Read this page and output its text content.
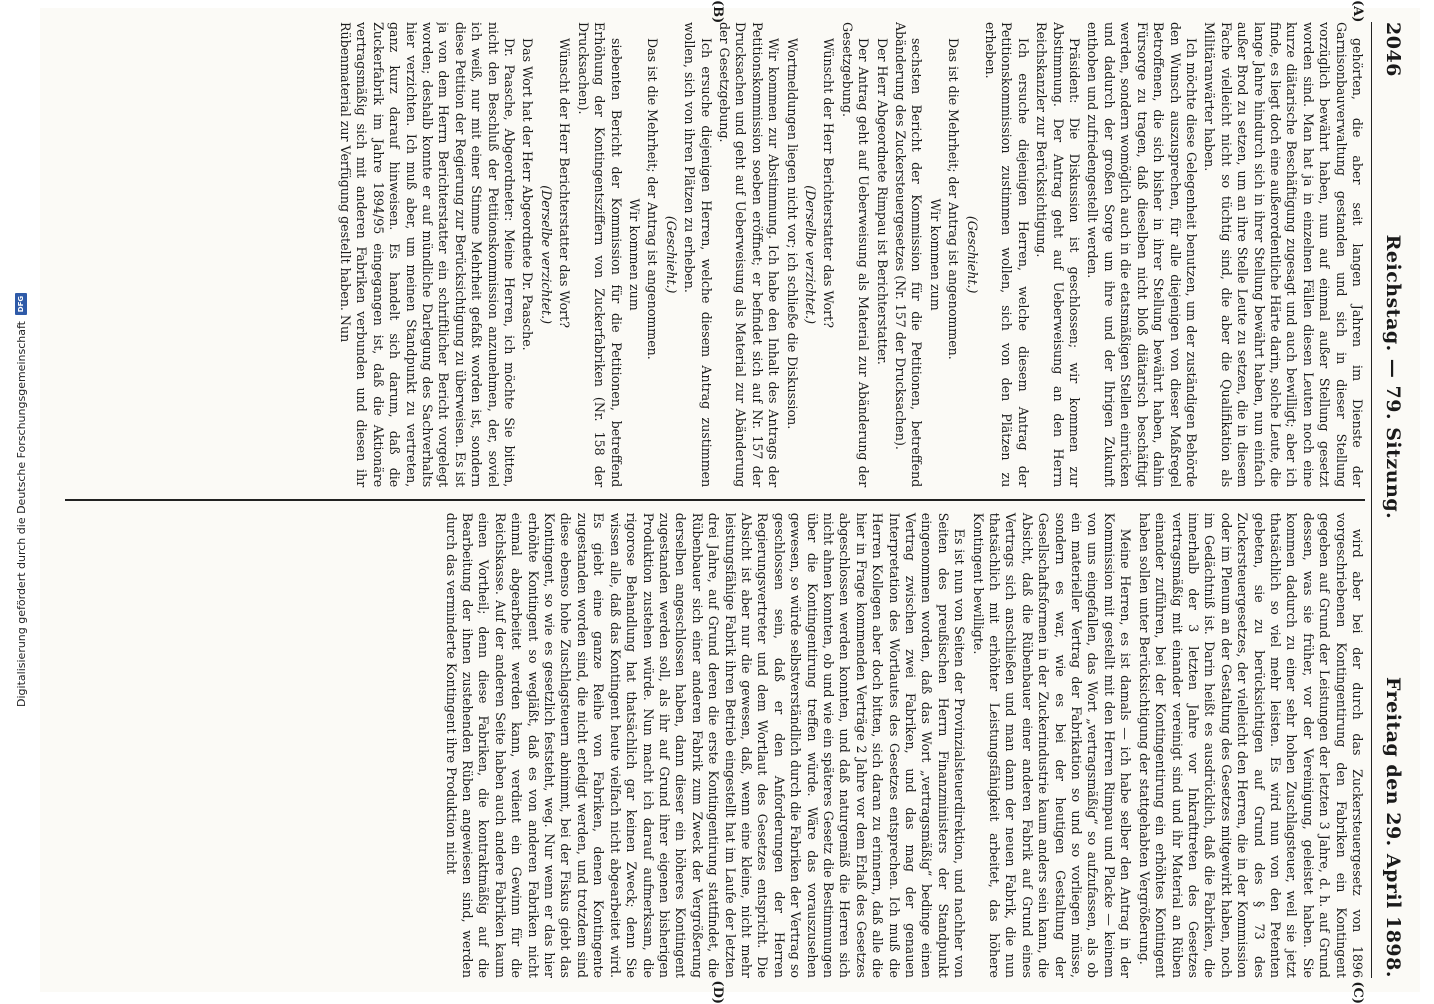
2046
Reichstag. — 79. Sitzung.
Freitag den 29. April 1898.

gehörten, die aber seit langen Jahren im Dienste der Garnisonbauverwaltung gestanden und sich in dieser Stellung vorzüglich bewährt haben, nun auf einmal außer Stellung gesetzt worden sind. Man hat ja in einzelnen Fällen diesen Leuten noch eine kurze diätarische Beschäftigung zugesagt und auch bewilligt; aber ich finde, es liegt doch eine außerordentliche Härte darin, solche Leute, die lange Jahre hindurch sich in ihrer Stellung bewährt haben, nun einfach außer Brod zu setzen, um an ihre Stelle Leute zu setzen, die in diesem Fache vielleicht nicht so tüchtig sind, die aber die Qualifikation als Militäranwärter haben.

Ich möchte diese Gelegenheit benutzen, um der zuständigen Behörde den Wunsch auszusprechen, für alle diejenigen von dieser Maßregel Betroffenen, die sich bisher in ihrer Stellung bewährt haben, dahin Fürsorge zu tragen, daß dieselben nicht bloß diätarisch beschäftigt werden, sondern womöglich auch in die etatsmäßigen Stellen einrücken und dadurch der großen Sorge um ihre und der Ihrigen Zukunft enthoben und zufriedengestellt werden.

Präsident: Die Diskussion ist geschlossen; wir kommen zur Abstimmung. Der Antrag geht auf Ueberweisung an den Herrn Reichskanzler zur Berücksichtigung.

Ich ersuche diejenigen Herren, welche diesem Antrag der Petitionskommission zustimmen wollen, sich von den Plätzen zu erheben.

(Geschieht.)

Das ist die Mehrheit; der Antrag ist angenommen.

Wir kommen zum

sechsten Bericht der Kommission für die Petitionen, betreffend Abänderung des Zuckersteuergesetzes (Nr. 157 der Drucksachen).

Der Herr Abgeordnete Rimpau ist Berichterstatter.

Der Antrag geht auf Ueberweisung als Material zur Abänderung der Gesetzgebung.

Wünscht der Herr Berichterstatter das Wort?

(Derselbe verzichtet.)

Wortmeldungen liegen nicht vor; ich schließe die Diskussion.

Wir kommen zur Abstimmung. Ich habe den Inhalt des Antrags der Petitionskommission soeben eröffnet; er befindet sich auf Nr. 157 der Drucksachen und geht auf Ueberweisung als Material zur Abänderung der Gesetzgebung.

Ich ersuche diejenigen Herren, welche diesem Antrag zustimmen wollen, sich von ihren Plätzen zu erheben.

(Geschieht.)

Das ist die Mehrheit; der Antrag ist angenommen.

Wir kommen zum

siebenten Bericht der Kommission für die Petitionen, betreffend Erhöhung der Kontingentsziffern von Zuckerfabriken (Nr. 158 der Drucksachen).

Wünscht der Herr Berichterstatter das Wort?

(Derselbe verzichtet.)

Das Wort hat der Herr Abgeordnete Dr. Paasche.

Dr. Paasche, Abgeordneter: Meine Herren, ich möchte Sie bitten, nicht den Beschluß der Petitionskommission anzunehmen, der, soviel ich weiß, nur mit einer Stimme Mehrheit gefaßt worden ist, sondern diese Petition der Regierung zur Berücksichtigung zu überweisen. Es ist ja von dem Herrn Berichterstatter ein schriftlicher Bericht vorgelegt worden; deshalb konnte er auf mündliche Darlegung des Sachverhalts hier verzichten. Ich muß aber, um meinen Standpunkt zu vertreten, ganz kurz darauf hinweisen. Es handelt sich darum, daß die Zuckerfabrik im Jahre 1894/95 eingegangen ist, daß die Aktionäre vertragsmäßig sich mit anderen Fabriken verbunden und diesen ihr Rübenmaterial zur Verfügung gestellt haben. Nun

wird aber bei der durch das Zuckersteuergesetz von 1896 vorgeschriebenen Kontingentirung den Fabriken ein Kontingent gegeben auf Grund der Leistungen der letzten 3 Jahre, d. h. auf Grund dessen, was sie früher, vor der Vereinigung, geleistet haben. Sie kommen dadurch zu einer sehr hohen Zuschlagsteuer, weil sie jetzt thatsächlich so viel mehr leisten. Es wird nun von den Petenten gebeten, sie zu berücksichtigen auf Grund des § 73 des Zuckersteuergesetzes, der vielleicht den Herren, die in der Kommission oder im Plenum an der Gestaltung des Gesetzes mitgewirkt haben, noch im Gedächtniß ist. Darin heißt es ausdrücklich, daß die Fabriken, die innerhalb der 3 letzten Jahre vor Inkrafttreten des Gesetzes vertragsmäßig mit einander vereinigt sind und ihr Material an Rüben einander zuführen, bei der Kontingentirung ein erhöhtes Kontingent haben sollen unter Berücksichtigung der stattgehabten Vergrößerung.

Meine Herren, es ist damals — ich habe selber den Antrag in der Kommission mit gestellt mit den Herren Rimpau und Placke — keinem von uns eingefallen, das Wort „vertragsmäßig“ so aufzufassen, als ob ein materieller Vertrag der Fabrikation so und so vorliegen müsse, sondern es war, wie es bei der heutigen Gestaltung der Gesellschaftsformen in der Zuckerindustrie kaum anders sein kann, die Absicht, daß die Rübenbauer einer anderen Fabrik auf Grund eines Vertrags sich anschließen und man dann der neuen Fabrik, die nun thatsächlich mit erhöhter Leistungsfähigkeit arbeitet, das höhere Kontingent bewilligte.

Es ist nun von Seiten der Provinzialsteuerdirektion, und nachher von Seiten des preußischen Herrn Finanzministers der Standpunkt eingenommen worden, daß das Wort „vertragsmäßig“ bedinge einen Vertrag zwischen zwei Fabriken, und das mag der genauen Interpretation des Wortlautes des Gesetzes entsprechen. Ich muß die Herren Kollegen aber doch bitten, sich daran zu erinnern, daß alle die hier in Frage kommenden Verträge 2 Jahre vor dem Erlaß des Gesetzes abgeschlossen werden konnten, und daß naturgemäß die Herren sich nicht ahnen konnten, ob und wie ein späteres Gesetz die Bestimmungen über die Kontingentirung treffen würde. Wäre das vorauszusehen gewesen, so würde selbstverständlich durch die Fabriken der Vertrag so geschlossen sein, daß er den Anforderungen der Herren Regierungsvertreter und dem Wortlaut des Gesetzes entspricht. Die Absicht ist aber nur die gewesen, daß, wenn eine kleine, nicht mehr leistungsfähige Fabrik ihren Betrieb eingestellt hat im Laufe der letzten drei Jahre, auf Grund deren die erste Kontingentirung stattfindet, die Rübenbauer sich einer anderen Fabrik zum Zweck der Vergrößerung derselben angeschlossen haben, dann dieser ein höheres Kontingent zugestanden werden soll, als ihr auf Grund ihrer eigenen bisherigen Produktion zustehen würde. Nun macht ich darauf aufmerksam, die rigorose Behandlung hat thatsächlich gar keinen Zweck; denn Sie wissen alle, daß das Kontingent heute vielfach nicht abgearbeitet wird. Es giebt eine ganze Reihe von Fabriken, denen Kontingente zugestanden worden sind, die nicht erledigt werden, und trotzdem sind diese ebenso hohe Zuschlagsteuern abnimmt, bei der Fiskus giebt das Kontingent, so wie es gesetzlich feststeht, weg. Nur wenn er das hier erhöhte Kontingent so wegläßt, daß es von anderen Fabriken nicht einmal abgearbeitet werden kann, verdient ein Gewinn für die Reichskasse. Auf der anderen Seite haben auch andere Fabriken kaum einen Vortheil; denn diese Fabriken, die kontraktmäßig auf die Bearbeitung der ihnen zustehenden Rüben angewiesen sind, werden durch das verminderte Kontingent ihre Produktion nicht

(A)
(B)
(C)
(D)
Digitalisierung gefördert durch die Deutsche Forschungsgemeinschaft
DFG
